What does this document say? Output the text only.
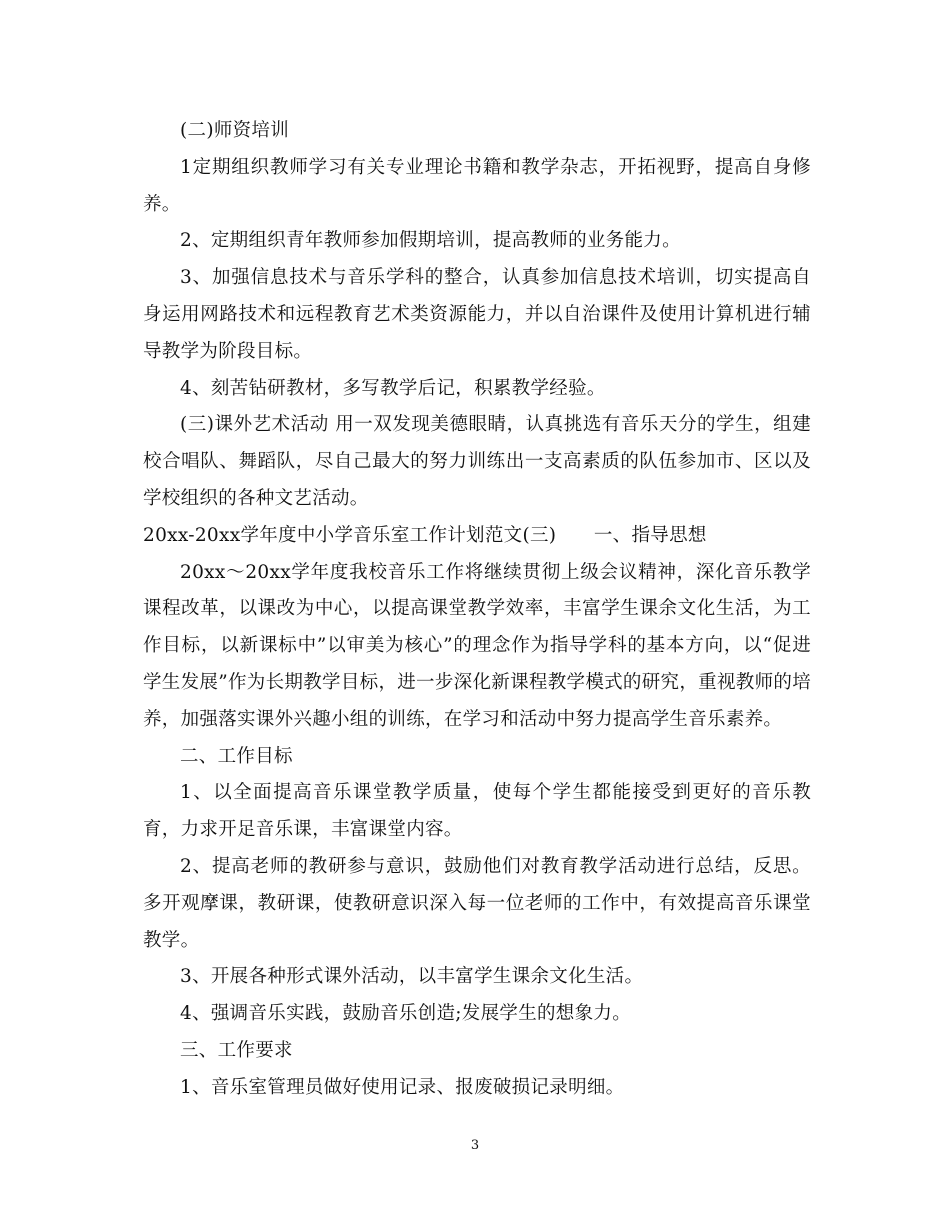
(二)师资培训

1定期组织教师学习有关专业理论书籍和教学杂志，开拓视野，提高自身修养。

2、定期组织青年教师参加假期培训，提高教师的业务能力。

3、加强信息技术与音乐学科的整合，认真参加信息技术培训，切实提高自身运用网路技术和远程教育艺术类资源能力，并以自治课件及使用计算机进行辅导教学为阶段目标。

4、刻苦钻研教材，多写教学后记，积累教学经验。

(三)课外艺术活动 用一双发现美德眼睛，认真挑选有音乐天分的学生，组建校合唱队、舞蹈队，尽自己最大的努力训练出一支高素质的队伍参加市、区以及学校组织的各种文艺活动。

20xx-20xx学年度中小学音乐室工作计划范文(三)　　一、指导思想

20xx～20xx学年度我校音乐工作将继续贯彻上级会议精神，深化音乐教学课程改革，以课改为中心，以提高课堂教学效率，丰富学生课余文化生活，为工作目标，以新课标中”以审美为核心”的理念作为指导学科的基本方向，以“促进学生发展”作为长期教学目标，进一步深化新课程教学模式的研究，重视教师的培养，加强落实课外兴趣小组的训练，在学习和活动中努力提高学生音乐素养。

二、工作目标

1、以全面提高音乐课堂教学质量，使每个学生都能接受到更好的音乐教育，力求开足音乐课，丰富课堂内容。

2、提高老师的教研参与意识，鼓励他们对教育教学活动进行总结，反思。多开观摩课，教研课，使教研意识深入每一位老师的工作中，有效提高音乐课堂教学。

3、开展各种形式课外活动，以丰富学生课余文化生活。

4、强调音乐实践，鼓励音乐创造;发展学生的想象力。

三、工作要求

1、音乐室管理员做好使用记录、报废破损记录明细。

3
